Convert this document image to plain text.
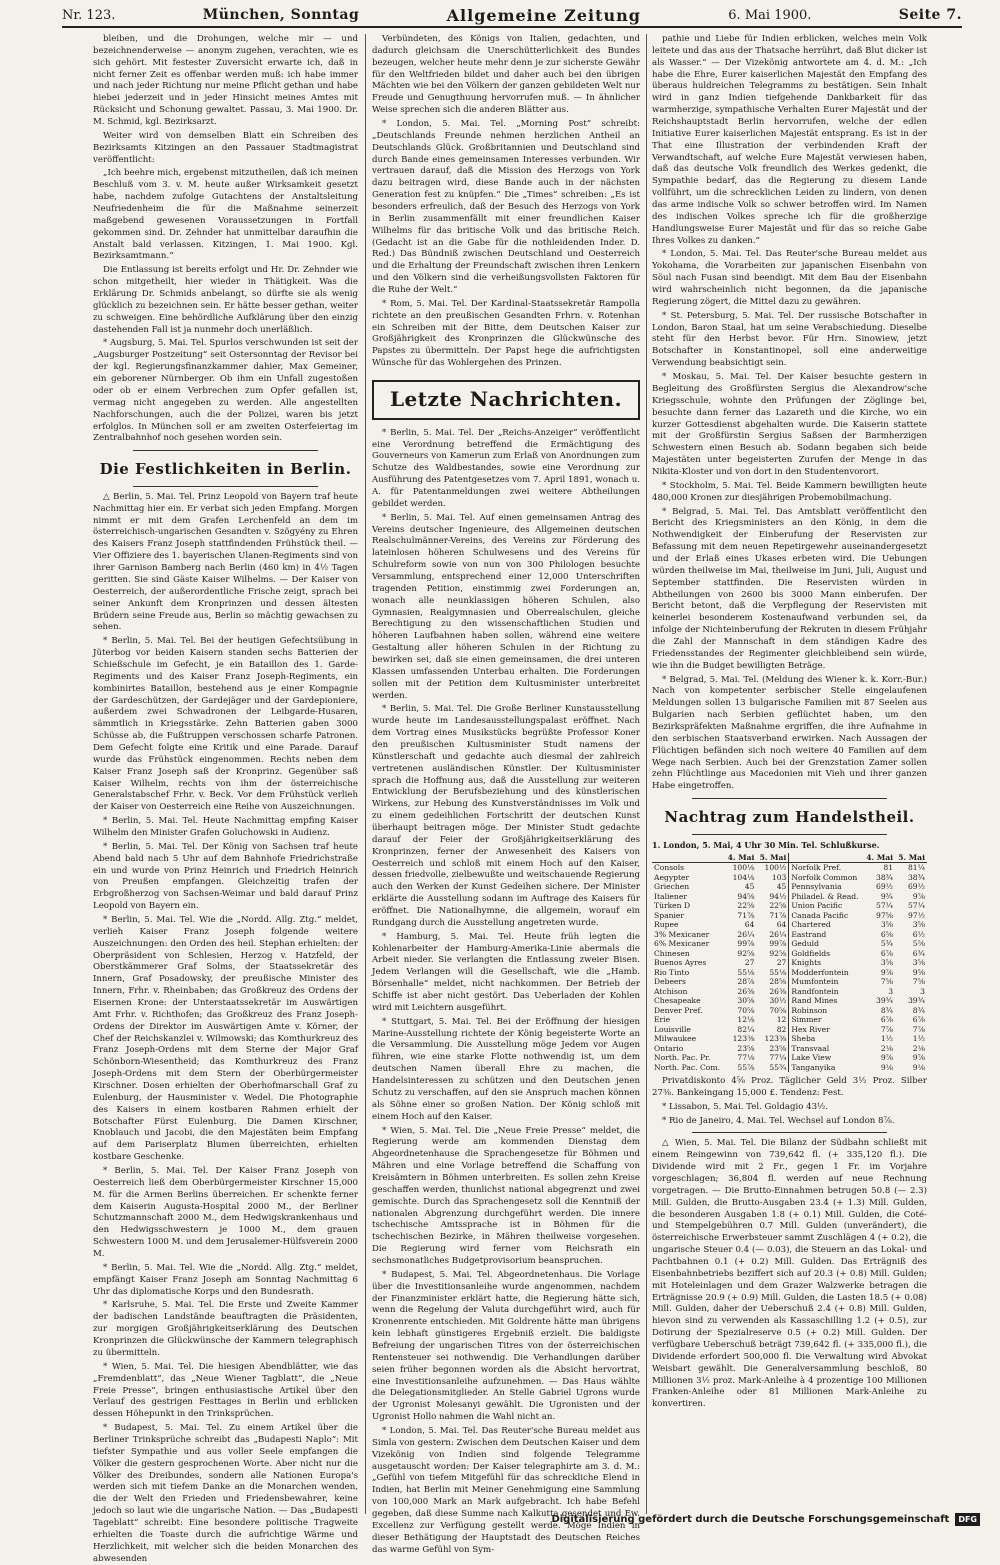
Nr. 123.	München, Sonntag	Allgemeine Zeitung	6. Mai 1900.	Seite 7.

bleiben, und die Drohungen, welche mir — und bezeichnenderweise — anonym zugehen, verachten, wie es sich gehört. Mit festester Zuversicht erwarte ich, daß in nicht ferner Zeit es offenbar werden muß: ich habe immer und nach jeder Richtung nur meine Pflicht gethan und habe hiebei jederzeit und in jeder Hinsicht meines Amtes mit Rücksicht und Schonung gewaltet. Passau, 3. Mai 1900. Dr. M. Schmid, kgl. Bezirksarzt.

Weiter wird von demselben Blatt ein Schreiben des Bezirksamts Kitzingen an den Passauer Stadtmagistrat veröffentlicht:

„Ich beehre mich, ergebenst mitzutheilen, daß ich meinen Beschluß vom 3. v. M. heute außer Wirksamkeit gesetzt habe, nachdem zufolge Gutachtens der Anstaltsleitung Neufriedenheim die für die Maßnahme seinerzeit maßgebend gewesenen Voraussetzungen in Fortfall gekommen sind. Dr. Zehnder hat unmittelbar daraufhin die Anstalt bald verlassen. Kitzingen, 1. Mai 1900. Kgl. Bezirksamtmann.“

Die Entlassung ist bereits erfolgt und Hr. Dr. Zehnder wie schon mitgetheilt, hier wieder in Thätigkeit. Was die Erklärung Dr. Schmids anbelangt, so dürfte sie als wenig glücklich zu bezeichnen sein. Er hätte besser gethan, weiter zu schweigen. Eine behördliche Aufklärung über den einzig dastehenden Fall ist ja nunmehr doch unerläßlich.

* Augsburg, 5. Mai. Tel. Spurlos verschwunden ist seit der „Augsburger Postzeitung“ seit Ostersonntag der Revisor bei der kgl. Regierungsfinanzkammer dahier, Max Gemeiner, ein geborener Nürnberger. Ob ihm ein Unfall zugestoßen oder ob er einem Verbrechen zum Opfer gefallen ist, vermag nicht angegeben zu werden. Alle angestellten Nachforschungen, auch die der Polizei, waren bis jetzt erfolglos. In München soll er am zweiten Osterfeiertag im Zentralbahnhof noch gesehen worden sein.

Die Festlichkeiten in Berlin.

△ Berlin, 5. Mai. Tel. Prinz Leopold von Bayern traf heute Nachmittag hier ein. Er verbat sich jeden Empfang. Morgen nimmt er mit dem Grafen Lerchenfeld an dem im österreichisch-ungarischen Gesandten v. Szögyény zu Ehren des Kaisers Franz Joseph stattfindenden Frühstück theil. — Vier Offiziere des 1. bayerischen Ulanen-Regiments sind von ihrer Garnison Bamberg nach Berlin (460 km) in 4½ Tagen geritten. Sie sind Gäste Kaiser Wilhelms. — Der Kaiser von Oesterreich, der außerordentliche Frische zeigt, sprach bei seiner Ankunft dem Kronprinzen und dessen ältesten Brüdern seine Freude aus, Berlin so mächtig gewachsen zu sehen.

* Berlin, 5. Mai. Tel. Bei der heutigen Gefechtsübung in Jüterbog vor beiden Kaisern standen sechs Batterien der Schießschule im Gefecht, je ein Bataillon des 1. Garde-Regiments und des Kaiser Franz Joseph-Regiments, ein kombinirtes Bataillon, bestehend aus je einer Kompagnie der Gardeschützen, der Gardejäger und der Gardepioniere, außerdem zwei Schwadronen der Leibgarde-Husaren, sämmtlich in Kriegsstärke. Zehn Batterien gaben 3000 Schüsse ab, die Fußtruppen verschossen scharfe Patronen. Dem Gefecht folgte eine Kritik und eine Parade. Darauf wurde das Frühstück eingenommen. Rechts neben dem Kaiser Franz Joseph saß der Kronprinz. Gegenüber saß Kaiser Wilhelm, rechts von ihm der österreichische Generalstabschef Frhr. v. Beck. Vor dem Frühstück verlieh der Kaiser von Oesterreich eine Reihe von Auszeichnungen.

* Berlin, 5. Mai. Tel. Heute Nachmittag empfing Kaiser Wilhelm den Minister Grafen Goluchowski in Audienz.

* Berlin, 5. Mai. Tel. Der König von Sachsen traf heute Abend bald nach 5 Uhr auf dem Bahnhofe Friedrichstraße ein und wurde von Prinz Heinrich und Friedrich Heinrich von Preußen empfangen. Gleichzeitig trafen der Erbgroßherzog von Sachsen-Weimar und bald darauf Prinz Leopold von Bayern ein.

* Berlin, 5. Mai. Tel. Wie die „Nordd. Allg. Ztg.“ meldet, verlieh Kaiser Franz Joseph folgende weitere Auszeichnungen: den Orden des heil. Stephan erhielten: der Oberpräsident von Schlesien, Herzog v. Hatzfeld, der Oberstkämmerer Graf Solms, der Staatssekretär des Innern, Graf Posadowsky, der preußische Minister des Innern, Frhr. v. Rheinbaben; das Großkreuz des Ordens der Eisernen Krone: der Unterstaatssekretär im Auswärtigen Amt Frhr. v. Richthofen; das Großkreuz des Franz Joseph-Ordens der Direktor im Auswärtigen Amte v. Körner, der Chef der Reichskanzlei v. Wilmowski; das Komthurkreuz des Franz Joseph-Ordens mit dem Sterne der Major Graf Schönborn-Wiesentheid; das Komthurkreuz des Franz Joseph-Ordens mit dem Stern der Oberbürgermeister Kirschner. Dosen erhielten der Oberhofmarschall Graf zu Eulenburg, der Hausminister v. Wedel. Die Photographie des Kaisers in einem kostbaren Rahmen erhielt der Botschafter Fürst Eulenburg. Die Damen Kirschner, Knoblauch und Jacobi, die den Majestäten beim Empfang auf dem Pariserplatz Blumen überreichten, erhielten kostbare Geschenke.

* Berlin, 5. Mai. Tel. Der Kaiser Franz Joseph von Oesterreich ließ dem Oberbürgermeister Kirschner 15,000 M. für die Armen Berlins überreichen. Er schenkte ferner dem Kaiserin Augusta-Hospital 2000 M., der Berliner Schutzmannschaft 2000 M., dem Hedwigskrankenhaus und den Hedwigsschwestern je 1000 M., dem grauen Schwestern 1000 M. und dem Jerusalemer-Hülfsverein 2000 M.

* Berlin, 5. Mai. Tel. Wie die „Nordd. Allg. Ztg.“ meldet, empfängt Kaiser Franz Joseph am Sonntag Nachmittag 6 Uhr das diplomatische Korps und den Bundesrath.

* Karlsruhe, 5. Mai. Tel. Die Erste und Zweite Kammer der badischen Landstände beauftragten die Präsidenten, zur morgigen Großjährigkeitserklärung des Deutschen Kronprinzen die Glückwünsche der Kammern telegraphisch zu übermitteln.

* Wien, 5. Mai. Tel. Die hiesigen Abendblätter, wie das „Fremdenblatt“, das „Neue Wiener Tagblatt“, die „Neue Freie Presse“, bringen enthusiastische Artikel über den Verlauf des gestrigen Festtages in Berlin und erblicken dessen Höhepunkt in den Trinksprüchen.

* Budapest, 5. Mai. Tel. Zu einem Artikel über die Berliner Trinksprüche schreibt das „Budapesti Naplo“: Mit tiefster Sympathie und aus voller Seele empfangen die Völker die gestern gesprochenen Worte. Aber nicht nur die Völker des Dreibundes, sondern alle Nationen Europa's werden sich mit tiefem Danke an die Monarchen wenden, die der Welt den Frieden und Friedensbewahrer, keine jedoch so laut wie die ungarische Nation. — Das „Budapesti Tageblatt“ schreibt: Eine besondere politische Tragweite erhielten die Toaste durch die aufrichtige Wärme und Herzlichkeit, mit welcher sich die beiden Monarchen des abwesenden

Verbündeten, des Königs von Italien, gedachten, und dadurch gleichsam die Unerschütterlichkeit des Bundes bezeugen, welcher heute mehr denn je zur sicherste Gewähr für den Weltfrieden bildet und daher auch bei den übrigen Mächten wie bei den Völkern der ganzen gebildeten Welt nur Freude und Genugthuung hervorrufen muß. — In ähnlicher Weise sprechen sich die anderen Blätter aus.

* London, 5. Mai. Tel. „Morning Post“ schreibt: „Deutschlands Freunde nehmen herzlichen Antheil an Deutschlands Glück. Großbritannien und Deutschland sind durch Bande eines gemeinsamen Interesses verbunden. Wir vertrauen darauf, daß die Mission des Herzogs von York dazu beitragen wird, diese Bande auch in der nächsten Generation fest zu knüpfen.“ Die „Times“ schreiben: „Es ist besonders erfreulich, daß der Besuch des Herzogs von York in Berlin zusammenfällt mit einer freundlichen Kaiser Wilhelms für das britische Volk und das britische Reich. (Gedacht ist an die Gabe für die nothleidenden Inder. D. Red.) Das Bündniß zwischen Deutschland und Oesterreich und die Erhaltung der Freundschaft zwischen ihren Lenkern und den Völkern sind die verheißungsvollsten Faktoren für die Ruhe der Welt.“

* Rom, 5. Mai. Tel. Der Kardinal-Staatssekretär Rampolla richtete an den preußischen Gesandten Frhrn. v. Rotenhan ein Schreiben mit der Bitte, dem Deutschen Kaiser zur Großjährigkeit des Kronprinzen die Glückwünsche des Papstes zu übermitteln. Der Papst hege die aufrichtigsten Wünsche für das Wohlergehen des Prinzen.

Letzte Nachrichten.

* Berlin, 5. Mai. Tel. Der „Reichs-Anzeiger“ veröffentlicht eine Verordnung betreffend die Ermächtigung des Gouverneurs von Kamerun zum Erlaß von Anordnungen zum Schutze des Waldbestandes, sowie eine Verordnung zur Ausführung des Patentgesetzes vom 7. April 1891, wonach u. A. für Patentanmeldungen zwei weitere Abtheilungen gebildet werden.

* Berlin, 5. Mai. Tel. Auf einen gemeinsamen Antrag des Vereins deutscher Ingenieure, des Allgemeinen deutschen Realschulmänner-Vereins, des Vereins zur Förderung des lateinlosen höheren Schulwesens und des Vereins für Schulreform sowie von nun von 300 Philologen besuchte Versammlung, entsprechend einer 12,000 Unterschriften tragenden Petition, einstimmig zwei Forderungen an, wonach alle neunklassigen höheren Schulen, also Gymnasien, Realgymnasien und Oberrealschulen, gleiche Berechtigung zu den wissenschaftlichen Studien und höheren Laufbahnen haben sollen, während eine weitere Gestaltung aller höheren Schulen in der Richtung zu bewirken sei, daß sie einen gemeinsamen, die drei unteren Klassen umfassenden Unterbau erhalten. Die Forderungen sollen mit der Petition dem Kultusminister unterbreitet werden.

* Berlin, 5. Mai. Tel. Die Große Berliner Kunstausstellung wurde heute im Landesausstellungspalast eröffnet. Nach dem Vortrag eines Musikstücks begrüßte Professor Koner den preußischen Kultusminister Studt namens der Künstlerschaft und gedachte auch diesmal der zahlreich vertretenen ausländischen Künstler. Der Kultusminister sprach die Hoffnung aus, daß die Ausstellung zur weiteren Entwicklung der Berufsbeziehung und des künstlerischen Wirkens, zur Hebung des Kunstverständnisses im Volk und zu einem gedeihlichen Fortschritt der deutschen Kunst überhaupt beitragen möge. Der Minister Studt gedachte darauf der Feier der Großjährigkeitserklärung des Kronprinzen, ferner der Anwesenheit des Kaisers von Oesterreich und schloß mit einem Hoch auf den Kaiser, dessen friedvolle, zielbewußte und weitschauende Regierung auch den Werken der Kunst Gedeihen sichere. Der Minister erklärte die Ausstellung sodann im Auftrage des Kaisers für eröffnet. Die Nationalhymne, die allgemein, worauf ein Rundgang durch die Ausstellung angetreten wurde.

* Hamburg, 5. Mai. Tel. Heute früh legten die Kohlenarbeiter der Hamburg-Amerika-Linie abermals die Arbeit nieder. Sie verlangten die Entlassung zweier Bisen. Jedem Verlangen will die Gesellschaft, wie die „Hamb. Börsenhalle“ meldet, nicht nachkommen. Der Betrieb der Schiffe ist aber nicht gestört. Das Ueberladen der Kohlen wird mit Leichtern ausgeführt.

* Stuttgart, 5. Mai. Tel. Bei der Eröffnung der hiesigen Marine-Ausstellung richtete der König begeisterte Worte an die Versammlung. Die Ausstellung möge Jedem vor Augen führen, wie eine starke Flotte nothwendig ist, um dem deutschen Namen überall Ehre zu machen, die Handelsinteressen zu schützen und den Deutschen jenen Schutz zu verschaffen, auf den sie Anspruch machen können als Söhne einer so großen Nation. Der König schloß mit einem Hoch auf den Kaiser.

* Wien, 5. Mai. Tel. Die „Neue Freie Presse“ meldet, die Regierung werde am kommenden Dienstag dem Abgeordnetenhause die Sprachengesetze für Böhmen und Mähren und eine Vorlage betreffend die Schaffung von Kreisämtern in Böhmen unterbreiten. Es sollen zehn Kreise geschaffen werden, thunlichst national abgegrenzt und zwei gemischte. Durch das Sprachengesetz soll die Kenntniß der nationalen Abgrenzung durchgeführt werden. Die innere tschechische Amtssprache ist in Böhmen für die tschechischen Bezirke, in Mähren theilweise vorgesehen. Die Regierung wird ferner vom Reichsrath ein sechsmonatliches Budgetprovisorium beanspruchen.

* Budapest, 5. Mai. Tel. Abgeordnetenhaus. Die Vorlage über die Investitionsanleihe wurde angenommen, nachdem der Finanzminister erklärt hatte, die Regierung hätte sich, wenn die Regelung der Valuta durchgeführt wird, auch für Kronenrente entschieden. Mit Goldrente hätte man übrigens kein lebhaft günstigeres Ergebniß erzielt. Die baldigste Befreiung der ungarischen Titres von der österreichischen Rentensteuer sei nothwendig. Die Verhandlungen darüber seien früher begonnen worden als die Absicht hervortrat, eine Investitionsanleihe aufzunehmen. — Das Haus wählte die Delegationsmitglieder. An Stelle Gabriel Ugrons wurde der Ugronist Molesanyi gewählt. Die Ugronisten und der Ugronist Hollo nahmen die Wahl nicht an.

* London, 5. Mai. Tel. Das Reuter'sche Bureau meldet aus Simla von gestern: Zwischen dem Deutschen Kaiser und dem Vizekönig von Indien sind folgende Telegramme ausgetauscht worden: Der Kaiser telegraphirte am 3. d. M.: „Gefühl von tiefem Mitgefühl für das schreckliche Elend in Indien, hat Berlin mit Meiner Genehmigung eine Sammlung von 100,000 Mark an Mark aufgebracht. Ich habe Befehl gegeben, daß diese Summe nach Kalkutta gesendet und Ew. Excellenz zur Verfügung gestellt werde. Möge Indien in dieser Bethätigung der Hauptstadt des Deutschen Reiches das warme Gefühl von Sym-

pathie und Liebe für Indien erblicken, welches mein Volk leitete und das aus der Thatsache herrührt, daß Blut dicker ist als Wasser.“ — Der Vizekönig antwortete am 4. d. M.: „Ich habe die Ehre, Eurer kaiserlichen Majestät den Empfang des überaus huldreichen Telegramms zu bestätigen. Sein Inhalt wird in ganz Indien tiefgehende Dankbarkeit für das warmherzige, sympathische Verhalten Eurer Majestät und der Reichshauptstadt Berlin hervorrufen, welche der edlen Initiative Eurer kaiserlichen Majestät entsprang. Es ist in der That eine Illustration der verbindenden Kraft der Verwandtschaft, auf welche Eure Majestät verwiesen haben, daß das deutsche Volk freundlich des Werkes gedenkt, die Sympathie bedarf, das die Regierung zu diesem Lande vollführt, um die schrecklichen Leiden zu lindern, von denen das arme indische Volk so schwer betroffen wird. Im Namen des indischen Volkes spreche ich für die großherzige Handlungsweise Eurer Majestät und für das so reiche Gabe Ihres Volkes zu danken.“

* London, 5. Mai. Tel. Das Reuter'sche Bureau meldet aus Yokohama, die Vorarbeiten zur japanischen Eisenbahn von Söul nach Fusan sind beendigt. Mit dem Bau der Eisenbahn wird wahrscheinlich nicht begonnen, da die japanische Regierung zögert, die Mittel dazu zu gewähren.

* St. Petersburg, 5. Mai. Tel. Der russische Botschafter in London, Baron Staal, hat um seine Verabschiedung. Dieselbe steht für den Herbst bevor. Für Hrn. Sinowiew, jetzt Botschafter in Konstantinopel, soll eine anderweitige Verwendung beabsichtigt sein.

* Moskau, 5. Mai. Tel. Der Kaiser besuchte gestern in Begleitung des Großfürsten Sergius die Alexandrow'sche Kriegsschule, wohnte den Prüfungen der Zöglinge bei, besuchte dann ferner das Lazareth und die Kirche, wo ein kurzer Gottesdienst abgehalten wurde. Die Kaiserin stattete mit der Großfürstin Sergius Saßsen der Barmherzigen Schwestern einen Besuch ab. Sodann begaben sich beide Majestäten unter begeisterten Zurufen der Menge in das Nikita-Kloster und von dort in den Studentenvorort.

* Stockholm, 5. Mai. Tel. Beide Kammern bewilligten heute 480,000 Kronen zur diesjährigen Probemobilmachung.

* Belgrad, 5. Mai. Tel. Das Amtsblatt veröffentlicht den Bericht des Kriegsministers an den König, in dem die Nothwendigkeit der Einberufung der Reservisten zur Befassung mit dem neuen Repetirgewehr auseinandergesetzt und der Erlaß eines Ukases erbeten wird. Die Uebungen würden theilweise im Mai, theilweise im Juni, Juli, August und September stattfinden. Die Reservisten würden in Abtheilungen von 2600 bis 3000 Mann einberufen. Der Bericht betont, daß die Verpflegung der Reservisten mit keinerlei besonderem Kostenaufwand verbunden sei, da infolge der Nichteinberufung der Rekruten in diesem Frühjahr die Zahl der Mannschaft in dem ständigen Kadre des Friedensstandes der Regimenter gleichbleibend sein würde, wie ihn die Budget bewilligten Beträge.

* Belgrad, 5. Mai. Tel. (Meldung des Wiener k. k. Korr.-Bur.) Nach von kompetenter serbischer Stelle eingelaufenen Meldungen sollen 13 bulgarische Familien mit 87 Seelen aus Bulgarien nach Serbien geflüchtet haben, um den Bezirkspräfekten Maßnahme ergriffen, die ihre Aufnahme in den serbischen Staatsverband erwirken. Nach Aussagen der Flüchtigen befänden sich noch weitere 40 Familien auf dem Wege nach Serbien. Auch bei der Grenzstation Zamer sollen zehn Flüchtlinge aus Macedonien mit Vieh und ihrer ganzen Habe eingetroffen.

Nachtrag zum Handelstheil.
1. London, 5. Mai, 4 Uhr 30 Min. Tel. Schlußkurse.
	4. Mai	5. Mai		4. Mai	5. Mai
Consols	100⅛	100½	Norfolk Pref.	81	81¼
Aegypter	104⅛	103	Norfolk Common	38¾	38¾
Griechen	45	45	Pennsylvania	69½	69½
Italiener	94⅝	94½	Philadel. & Read.	9¾	9⅞
Türken D	22⅝	22⅝	Union Pacific	57¼	57¼
Spanier	71⅞	71⅞	Canada Pacific	97⅝	97½
Rupee	64	64	Chartered	3⅝	3⅝
3% Mexicaner	26¼	26¼	Eastrand	6⅝	6½
6% Mexicaner	99⅞	99⅞	Geduld	5¾	5⅝
Chinesen	92⅝	92⅝	Goldfields	6⅞	6¾
Buenos Ayres	27	27	Knights	3⅝	3⅝
Rio Tinto	55⅛	55⅛	Modderfontein	9⅞	9⅝
Debeers	28⅞	28⅝	Mumfontein	7⅝	7⅝
Atchison	26⅜	26⅜	Randfontein	3	3
Chesapeake	30⅝	30½	Rand Mines	39¾	39¾
Denver Pref.	70⅝	70⅝	Robinson	8¾	8¾
Erie	12⅛	12	Simmer	6⅞	6⅞
Louisville	82¼	82	Hex River	7⅞	7⅞
Milwaukee	123⅜	123⅜	Sheba	1½	1½
Ontario	23⅝	23⅝	Transvaal	2⅛	2⅛
North. Pac. Pr.	77⅛	77¼	Lake View	9⅞	9⅞
North. Pac. Com.	55⅞	55¾	Tanganyika	9⅛	9⅛

Privatdiskonto 4⅝ Proz. Täglicher Geld 3½ Proz. Silber 27⅜. Bankeingang 15,000 £. Tendenz: Fest.

* Lissabon, 5. Mai. Tel. Goldagio 43½.

* Rio de Janeiro, 4. Mai. Tel. Wechsel auf London 8⅞.

△ Wien, 5. Mai. Tel. Die Bilanz der Südbahn schließt mit einem Reingewinn von 739,642 fl. (+ 335,120 fl.). Die Dividende wird mit 2 Fr., gegen 1 Fr. im Vorjahre vorgeschlagen; 36,804 fl. werden auf neue Rechnung vorgetragen. — Die Brutto-Einnahmen betrugen 50.8 (— 2.3) Mill. Gulden, die Brutto-Ausgaben 23.4 (+ 1.3) Mill. Gulden, die besonderen Ausgaben 1.8 (+ 0.1) Mill. Gulden, die Coté- und Stempelgebühren 0.7 Mill. Gulden (unverändert), die österreichische Erwerbsteuer sammt Zuschlägen 4 (+ 0.2), die ungarische Steuer 0.4 (— 0.03), die Steuern an das Lokal- und Pachtbahnen 0.1 (+ 0.2) Mill. Gulden. Das Erträgniß des Eisenbahnbetriebs beziffert sich auf 20.3 (+ 0.8) Mill. Gulden; mit Hoteleinlagen und dem Grazer Walzwerke betragen die Erträgnisse 20.9 (+ 0.9) Mill. Gulden, die Lasten 18.5 (+ 0.08) Mill. Gulden, daher der Ueberschuß 2.4 (+ 0.8) Mill. Gulden, hievon sind zu verwenden als Kassaschilling 1.2 (+ 0.5), zur Dotirung der Spezialreserve 0.5 (+ 0.2) Mill. Gulden. Der verfügbare Ueberschuß beträgt 739,642 fl. (+ 335,000 fl.), die Dividende erfordert 500,000 fl. Die Verwaltung wird Abvokat Weisbart gewählt. Die Generalversammlung beschloß, 80 Millionen 3½ proz. Mark-Anleihe à 4 prozentige 100 Millionen Franken-Anleihe oder 81 Millionen Mark-Anleihe zu konvertiren.

Digitalisierung gefördert durch die Deutsche Forschungsgemeinschaft	DFG
